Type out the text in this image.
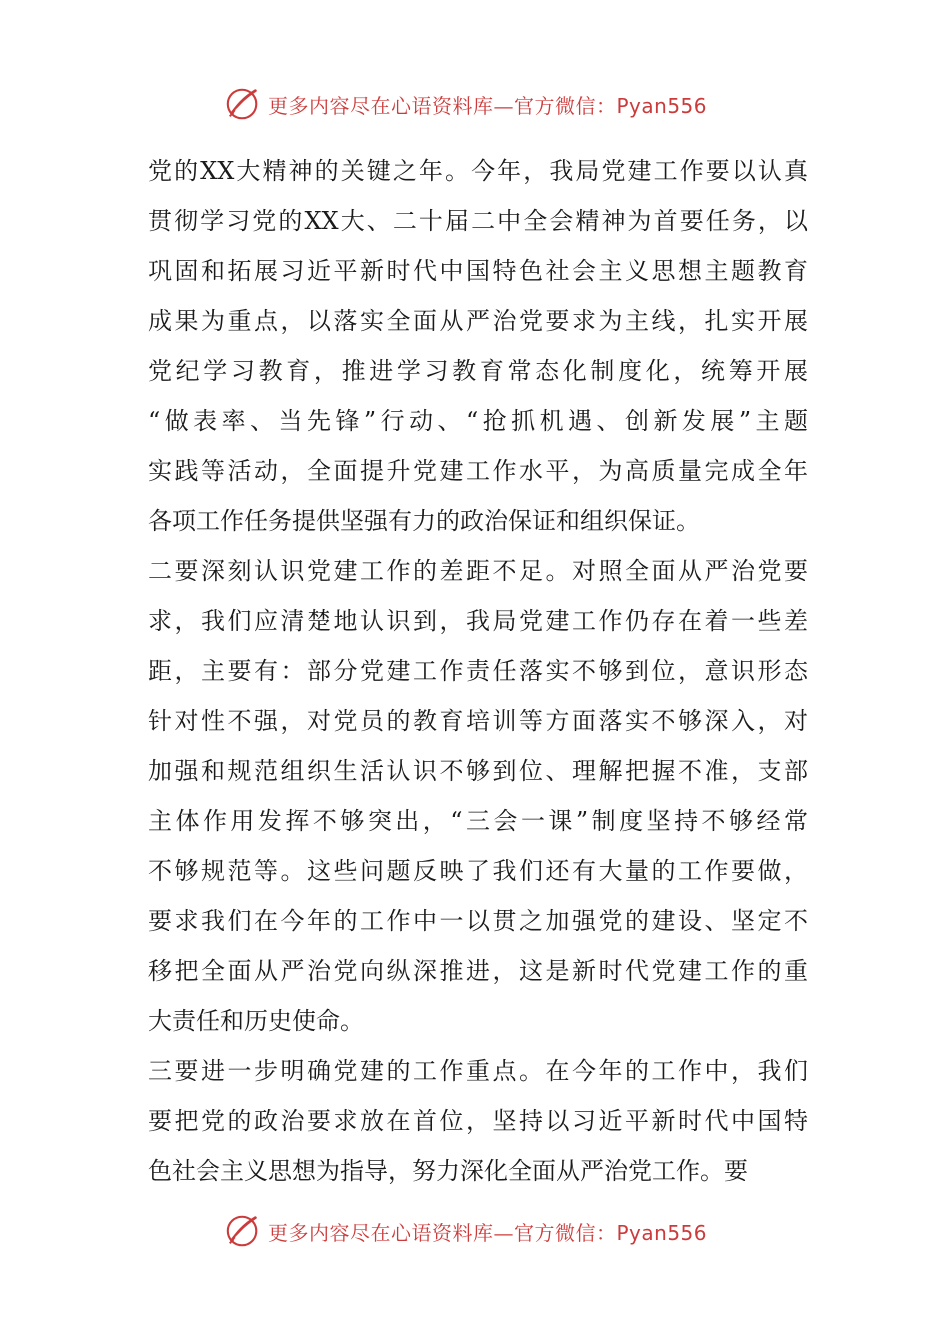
更多内容尽在心语资料库—官方微信：Pyan556
党的XX大精神的关键之年。今年，我局党建工作要以认真
贯彻学习党的XX大、二十届二中全会精神为首要任务，以
巩固和拓展习近平新时代中国特色社会主义思想主题教育
成果为重点，以落实全面从严治党要求为主线，扎实开展
党纪学习教育，推进学习教育常态化制度化，统筹开展
“做表率、当先锋”行动、“抢抓机遇、创新发展”主题
实践等活动，全面提升党建工作水平，为高质量完成全年
各项工作任务提供坚强有力的政治保证和组织保证。
二要深刻认识党建工作的差距不足。对照全面从严治党要
求，我们应清楚地认识到，我局党建工作仍存在着一些差
距，主要有：部分党建工作责任落实不够到位，意识形态
针对性不强，对党员的教育培训等方面落实不够深入，对
加强和规范组织生活认识不够到位、理解把握不准，支部
主体作用发挥不够突出，“三会一课”制度坚持不够经常
不够规范等。这些问题反映了我们还有大量的工作要做，
要求我们在今年的工作中一以贯之加强党的建设、坚定不
移把全面从严治党向纵深推进，这是新时代党建工作的重
大责任和历史使命。
三要进一步明确党建的工作重点。在今年的工作中，我们
要把党的政治要求放在首位，坚持以习近平新时代中国特
色社会主义思想为指导，努力深化全面从严治党工作。要
更多内容尽在心语资料库—官方微信：Pyan556
